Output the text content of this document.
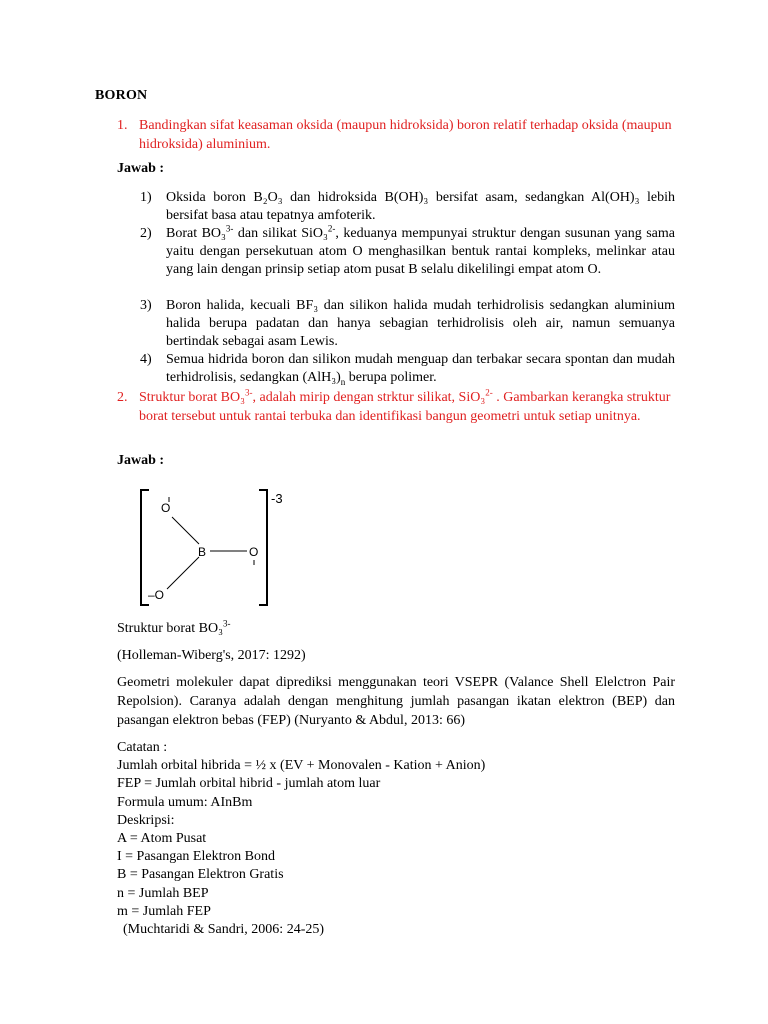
BORON
1. Bandingkan sifat keasaman oksida (maupun hidroksida) boron relatif terhadap oksida (maupun hidroksida) aluminium.
Jawab :
1) Oksida boron B₂O₃ dan hidroksida B(OH)₃ bersifat asam, sedangkan Al(OH)₃ lebih bersifat basa atau tepatnya amfoterik.
2) Borat BO₃$^{3-}$ dan silikat SiO₃$^{2-}$, keduanya mempunyai struktur dengan susunan yang sama yaitu dengan persekutuan atom O menghasilkan bentuk rantai kompleks, melinkar atau yang lain dengan prinsip setiap atom pusat B selalu dikelilingi empat atom O.
3) Boron halida, kecuali BF₃ dan silikon halida mudah terhidrolisis sedangkan aluminium halida berupa padatan dan hanya sebagian terhidrolisis oleh air, namun semuanya bertindak sebagai asam Lewis.
4) Semua hidrida boron dan silikon mudah menguap dan terbakar secara spontan dan mudah terhidrolisis, sedangkan $(AlH_3)_n$ berupa polimer.
2. Struktur borat BO₃$^{3-}$, adalah mirip dengan strktur silikat, SiO₃$^{2-}$ . Gambarkan kerangka struktur borat tersebut untuk rantai terbuka dan identifikasi bangun geometri untuk setiap unitnya.
Jawab :
O
B	O
–O
-3
Struktur borat BO₃$^{3-}$
(Holleman-Wiberg's, 2017: 1292)
Geometri molekuler dapat diprediksi menggunakan teori VSEPR (Valance Shell Elelctron Pair Repolsion). Caranya adalah dengan menghitung jumlah pasangan ikatan elektron (BEP) dan pasangan elektron bebas (FEP) (Nuryanto & Abdul, 2013: 66)
Catatan :
Jumlah orbital hibrida = ½ x (EV + Monovalen - Kation + Anion)
FEP = Jumlah orbital hibrid - jumlah atom luar
Formula umum: AInBm
Deskripsi:
A = Atom Pusat
I = Pasangan Elektron Bond
B = Pasangan Elektron Gratis
n = Jumlah BEP
m = Jumlah FEP
(Muchtaridi & Sandri, 2006: 24-25)
